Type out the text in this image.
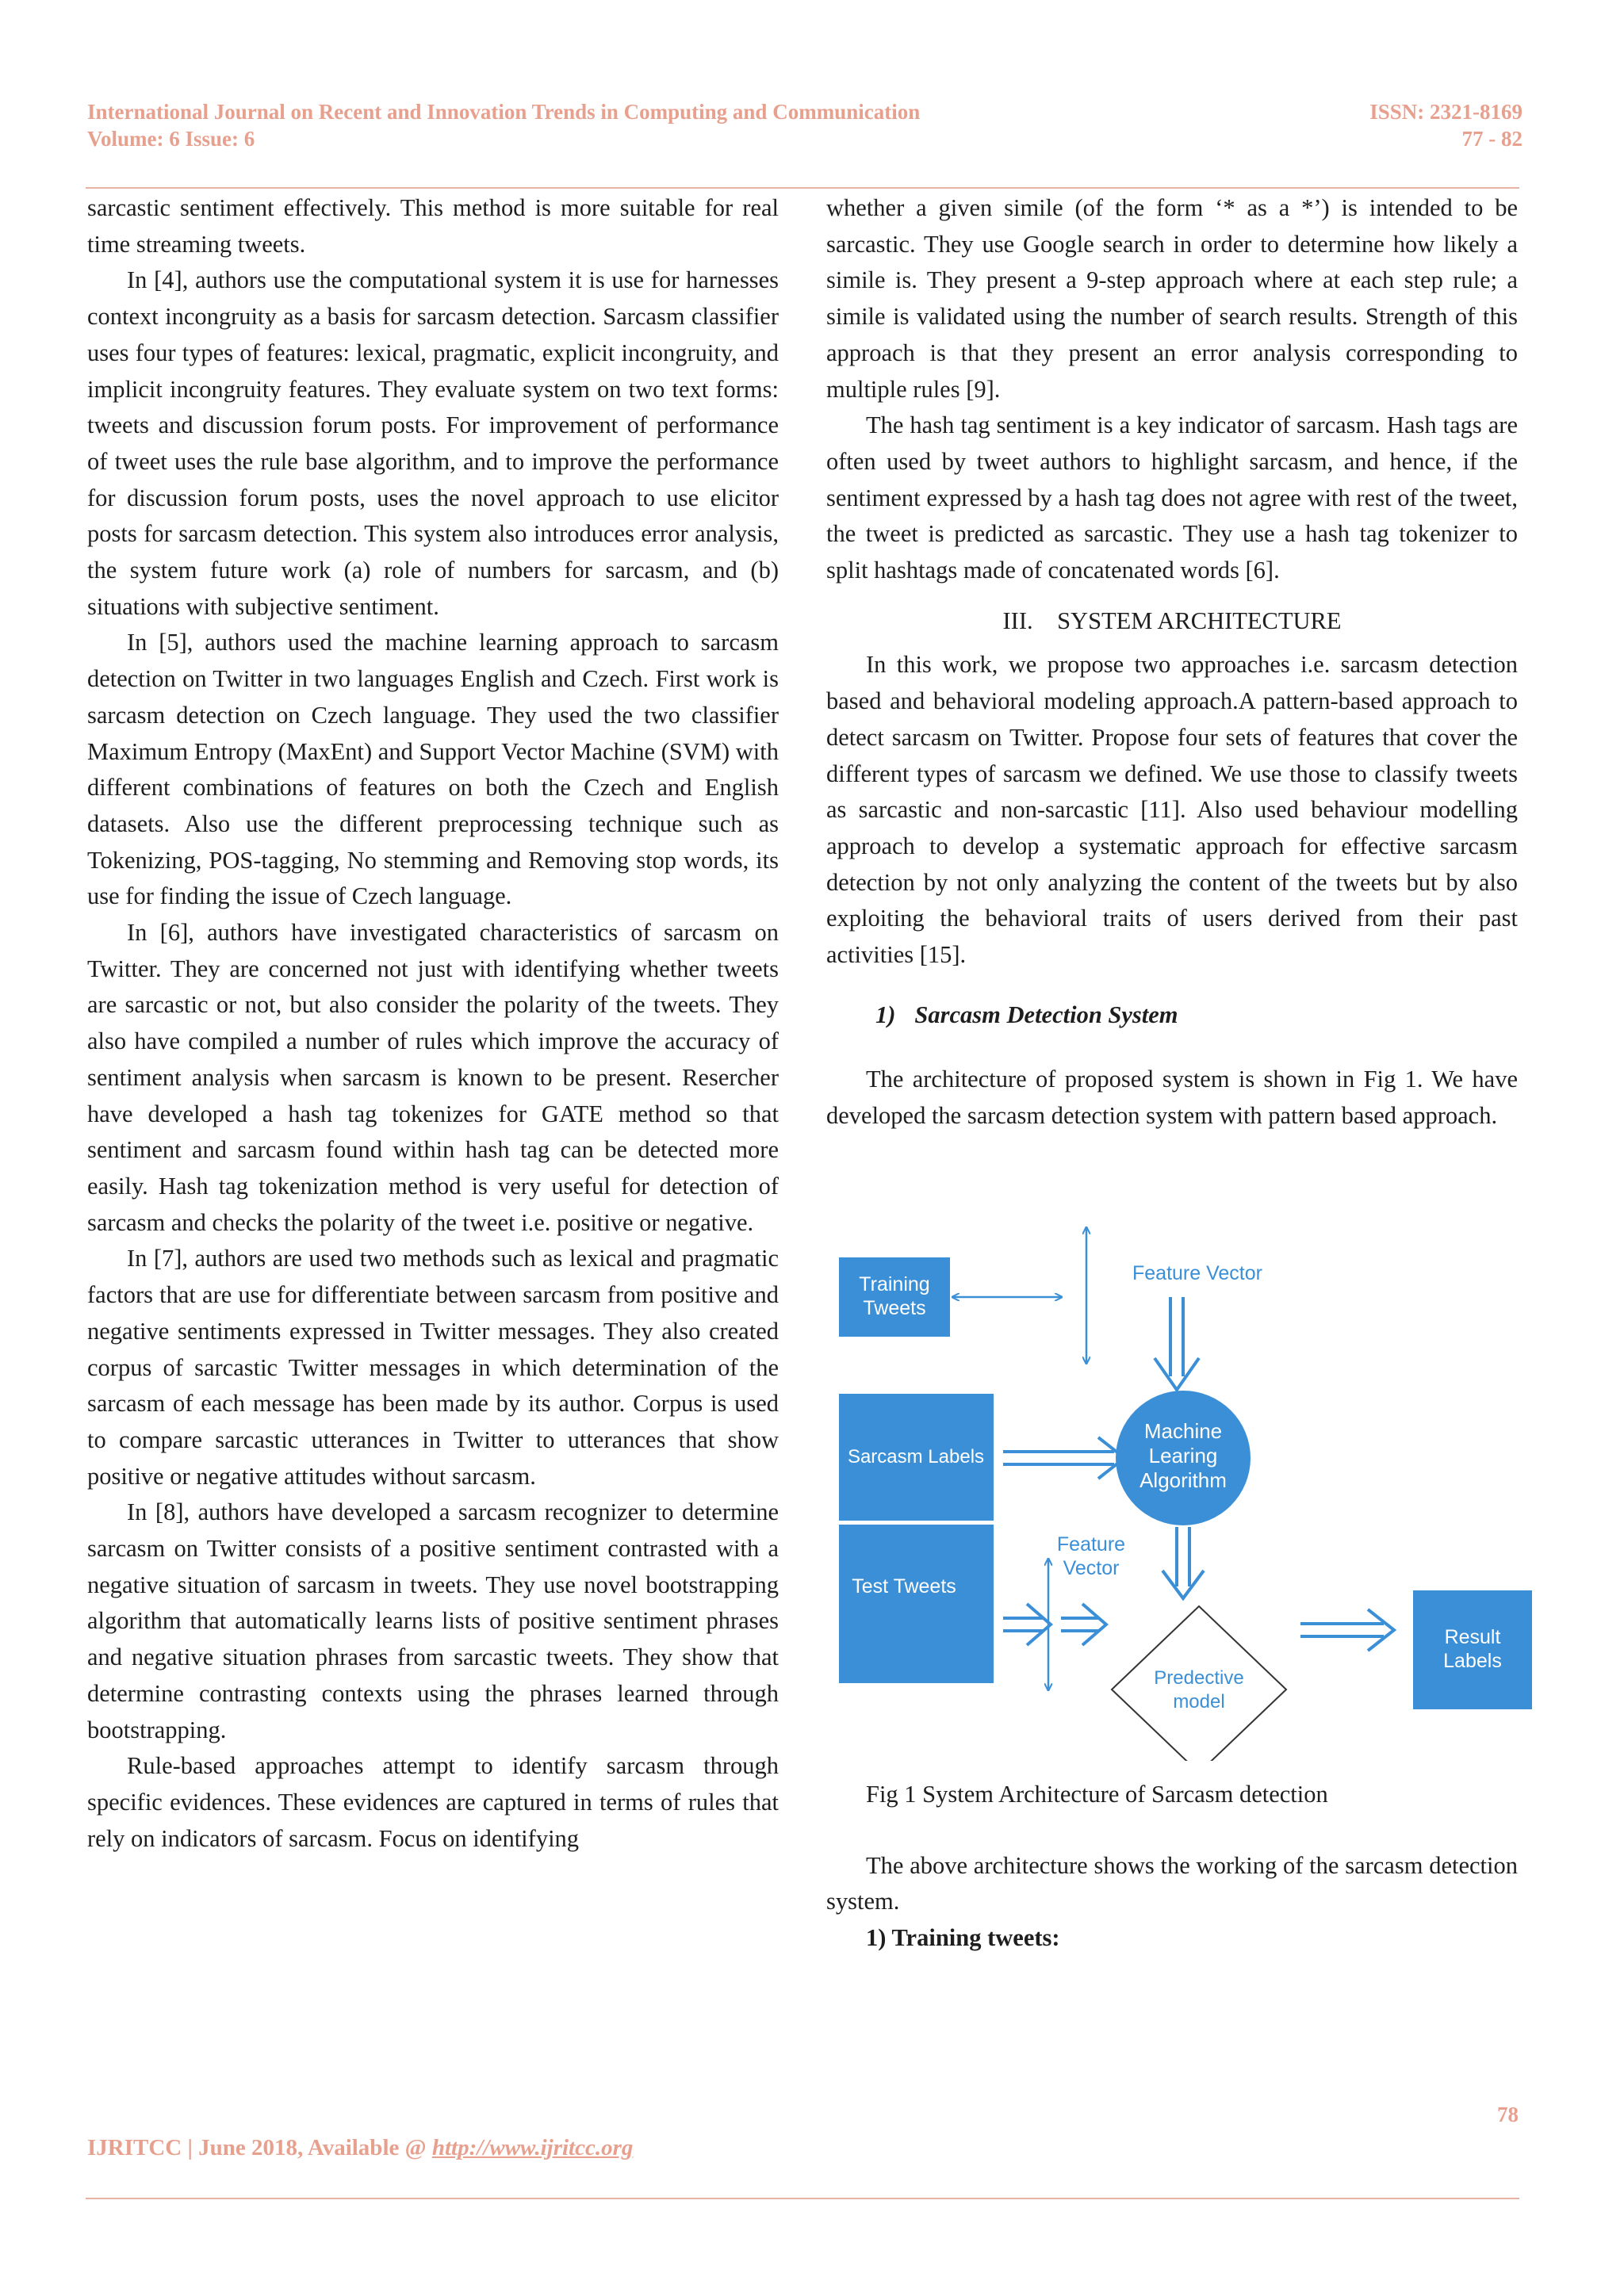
International Journal on Recent and Innovation Trends in Computing and Communication
Volume: 6 Issue: 6
ISSN: 2321-8169
77 - 82

sarcastic sentiment effectively. This method is more suitable for real time streaming tweets.

In [4], authors use the computational system it is use for harnesses context incongruity as a basis for sarcasm detection. Sarcasm classifier uses four types of features: lexical, pragmatic, explicit incongruity, and implicit incongruity features. They evaluate system on two text forms: tweets and discussion forum posts. For improvement of performance of tweet uses the rule base algorithm, and to improve the performance for discussion forum posts, uses the novel approach to use elicitor posts for sarcasm detection. This system also introduces error analysis, the system future work (a) role of numbers for sarcasm, and (b) situations with subjective sentiment.

In [5], authors used the machine learning approach to sarcasm detection on Twitter in two languages English and Czech. First work is sarcasm detection on Czech language. They used the two classifier Maximum Entropy (MaxEnt) and Support Vector Machine (SVM) with different combinations of features on both the Czech and English datasets. Also use the different preprocessing technique such as Tokenizing, POS-tagging, No stemming and Removing stop words, its use for finding the issue of Czech language.

In [6], authors have investigated characteristics of sarcasm on Twitter. They are concerned not just with identifying whether tweets are sarcastic or not, but also consider the polarity of the tweets. They also have compiled a number of rules which improve the accuracy of sentiment analysis when sarcasm is known to be present. Resercher have developed a hash tag tokenizes for GATE method so that sentiment and sarcasm found within hash tag can be detected more easily. Hash tag tokenization method is very useful for detection of sarcasm and checks the polarity of the tweet i.e. positive or negative.

In [7], authors are used two methods such as lexical and pragmatic factors that are use for differentiate between sarcasm from positive and negative sentiments expressed in Twitter messages. They also created corpus of sarcastic Twitter messages in which determination of the sarcasm of each message has been made by its author. Corpus is used to compare sarcastic utterances in Twitter to utterances that show positive or negative attitudes without sarcasm.

In [8], authors have developed a sarcasm recognizer to determine sarcasm on Twitter consists of a positive sentiment contrasted with a negative situation of sarcasm in tweets. They use novel bootstrapping algorithm that automatically learns lists of positive sentiment phrases and negative situation phrases from sarcastic tweets. They show that determine contrasting contexts using the phrases learned through bootstrapping.

Rule-based approaches attempt to identify sarcasm through specific evidences. These evidences are captured in terms of rules that rely on indicators of sarcasm. Focus on identifying

whether a given simile (of the form ‘* as a *’) is intended to be sarcastic. They use Google search in order to determine how likely a simile is. They present a 9-step approach where at each step rule; a simile is validated using the number of search results. Strength of this approach is that they present an error analysis corresponding to multiple rules [9].

The hash tag sentiment is a key indicator of sarcasm. Hash tags are often used by tweet authors to highlight sarcasm, and hence, if the sentiment expressed by a hash tag does not agree with rest of the tweet, the tweet is predicted as sarcastic. They use a hash tag tokenizer to split hashtags made of concatenated words [6].

III.    SYSTEM ARCHITECTURE

In this work, we propose two approaches i.e. sarcasm detection based and behavioral modeling approach.A pattern-based approach to detect sarcasm on Twitter. Propose four sets of features that cover the different types of sarcasm we defined. We use those to classify tweets as sarcastic and non-sarcastic [11]. Also used behaviour modelling approach to develop a systematic approach for effective sarcasm detection by not only analyzing the content of the tweets but by also exploiting the behavioral traits of users derived from their past activities [15].

1) Sarcasm Detection System

The architecture of proposed system is shown in Fig 1. We have developed the sarcasm detection system with pattern based approach.

Training
Tweets
Feature Vector
Sarcasm Labels
Machine
Learing
Algorithm
Test Tweets
Feature
Vector
Predective
model
Result
Labels

Fig 1 System Architecture of Sarcasm detection

The above architecture shows the working of the sarcasm detection system.

1) Training tweets:

78
IJRITCC | June 2018, Available @ http://www.ijritcc.org
